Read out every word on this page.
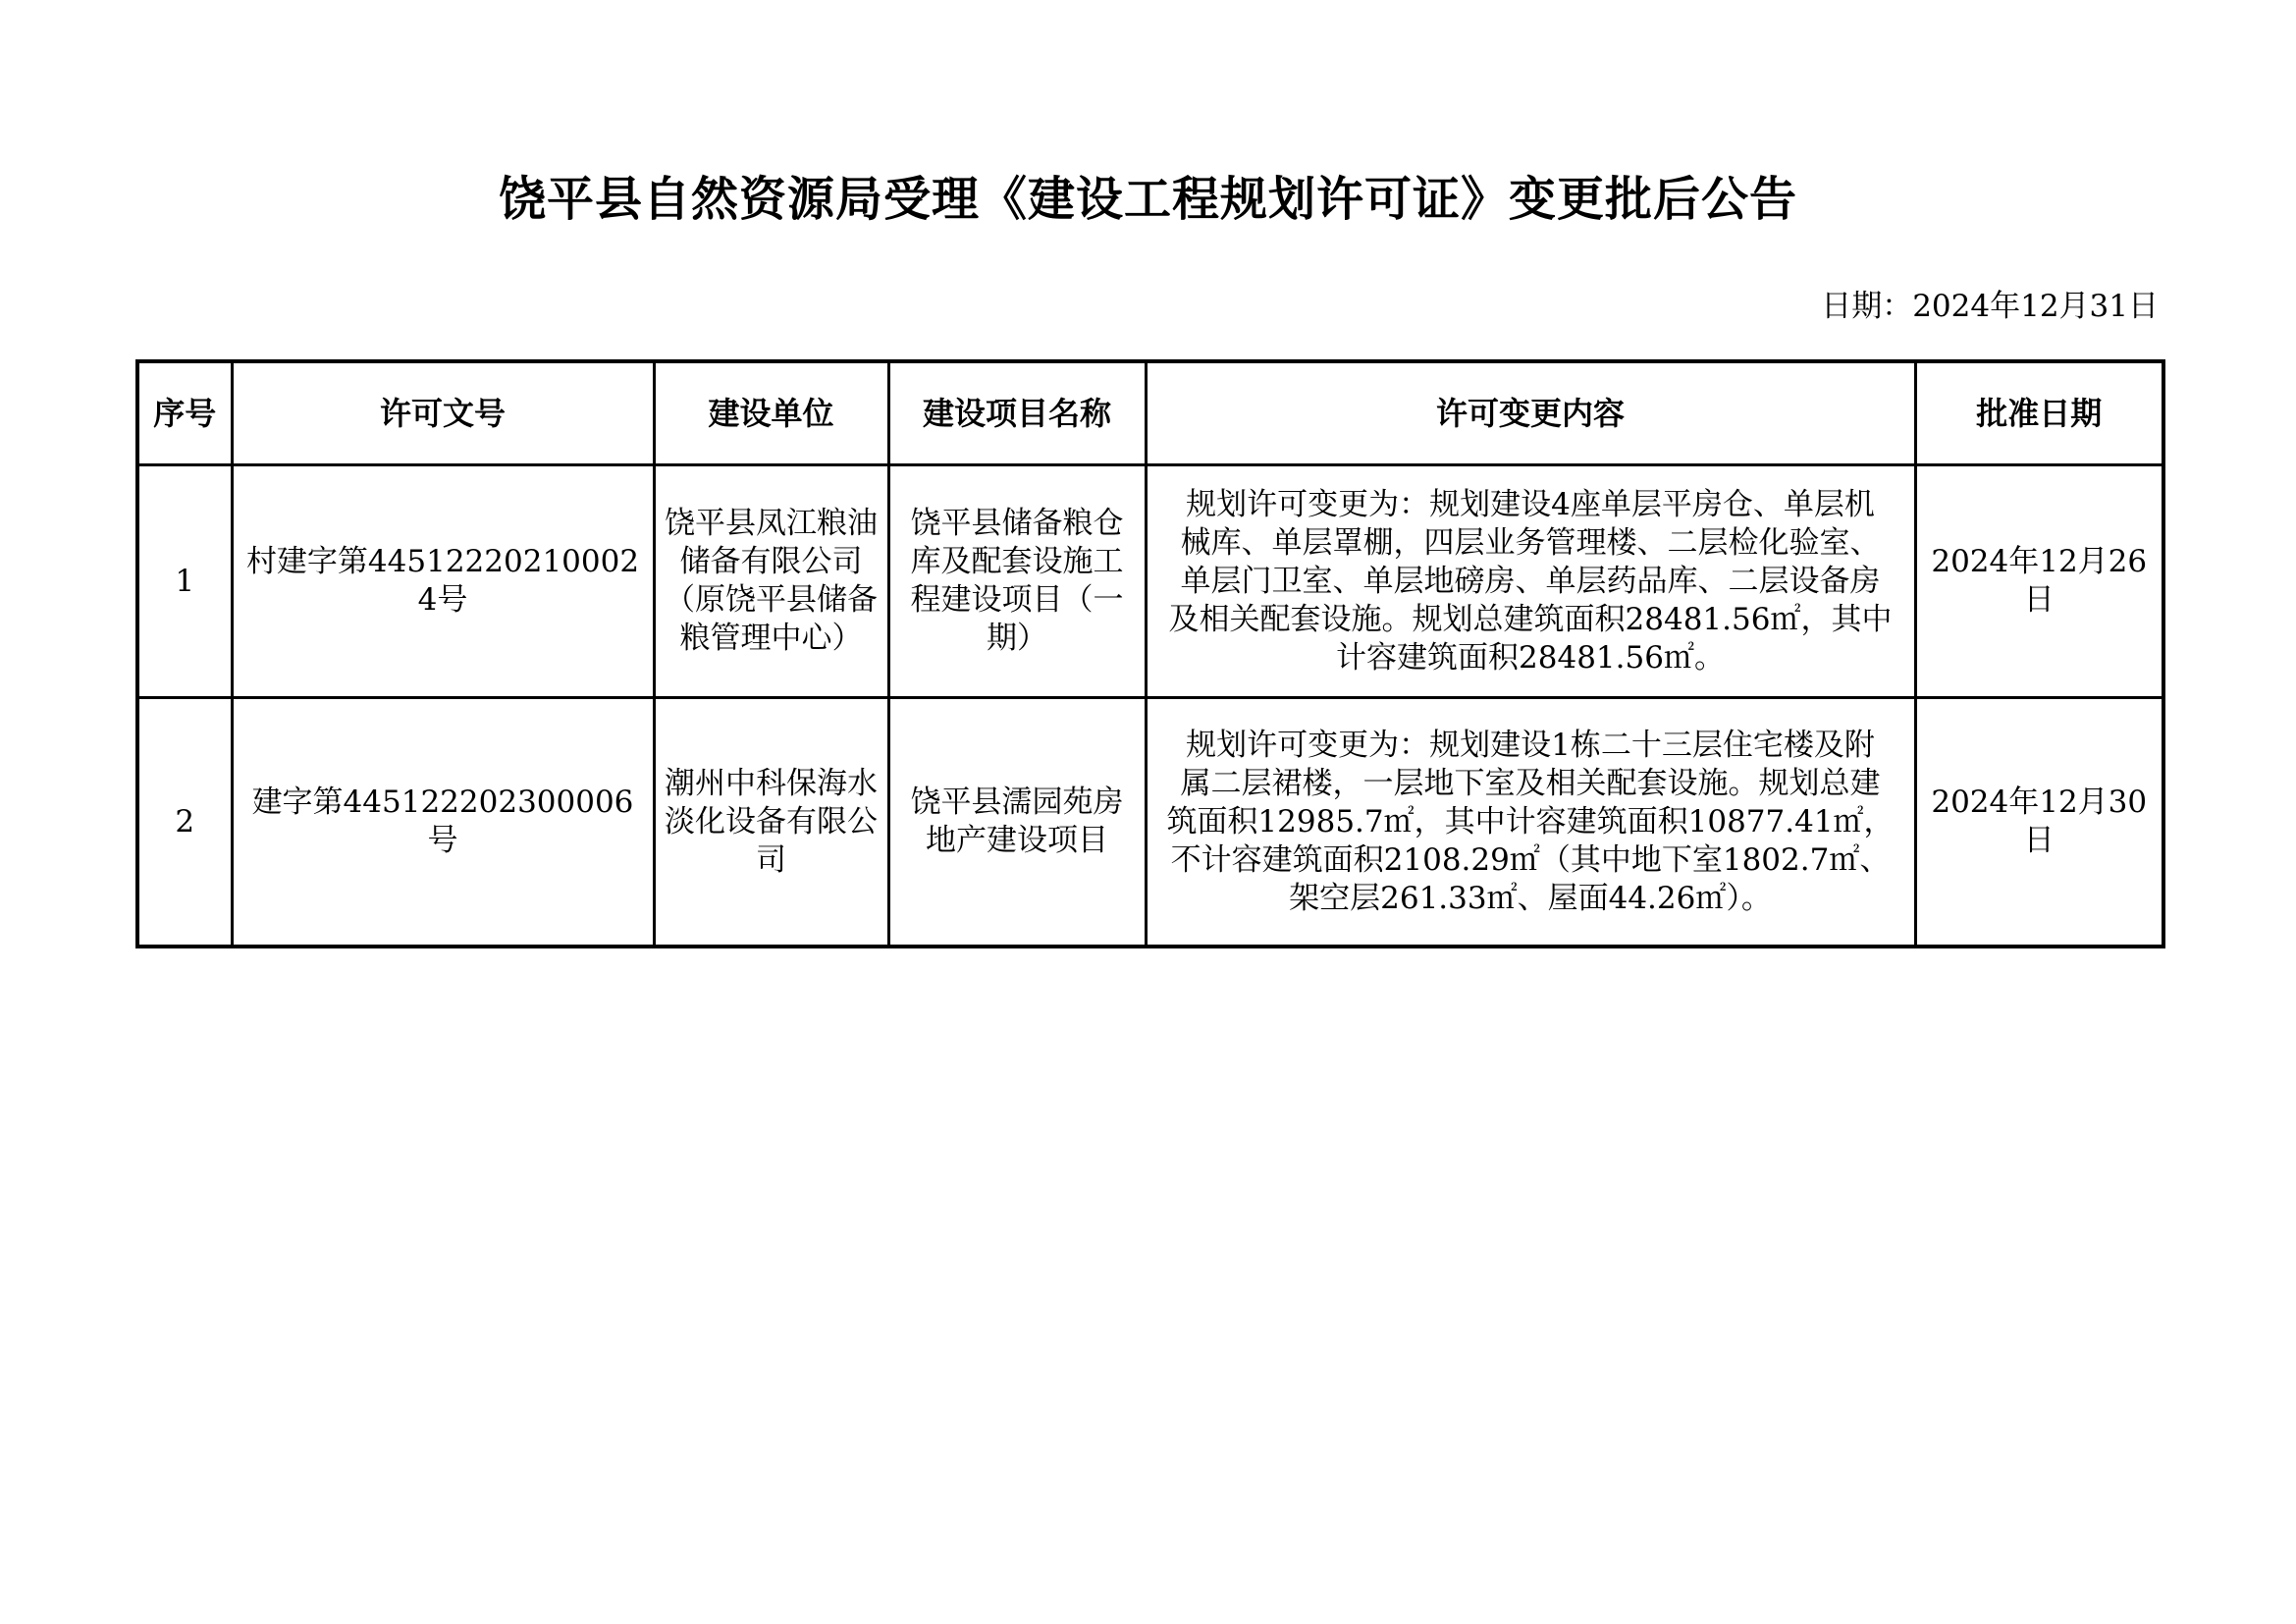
饶平县自然资源局受理《建设工程规划许可证》变更批后公告
日期：2024年12月31日
序号	许可文号	建设单位	建设项目名称	许可变更内容	批准日期
1	村建字第445122202100024号	饶平县凤江粮油储备有限公司（原饶平县储备粮管理中心）	饶平县储备粮仓库及配套设施工程建设项目（一期）	规划许可变更为：规划建设4座单层平房仓、单层机
械库、单层罩棚，四层业务管理楼、二层检化验室、
单层门卫室、单层地磅房、单层药品库、二层设备房
及相关配套设施。规划总建筑面积28481.56㎡，其中
计容建筑面积28481.56㎡。	2024年12月26日
2	建字第445122202300006号	潮州中科保海水淡化设备有限公司	饶平县濡园苑房地产建设项目	规划许可变更为：规划建设1栋二十三层住宅楼及附
属二层裙楼，一层地下室及相关配套设施。规划总建
筑面积12985.7㎡，其中计容建筑面积10877.41㎡，
不计容建筑面积2108.29㎡（其中地下室1802.7㎡、
架空层261.33㎡、屋面44.26㎡）。	2024年12月30日
